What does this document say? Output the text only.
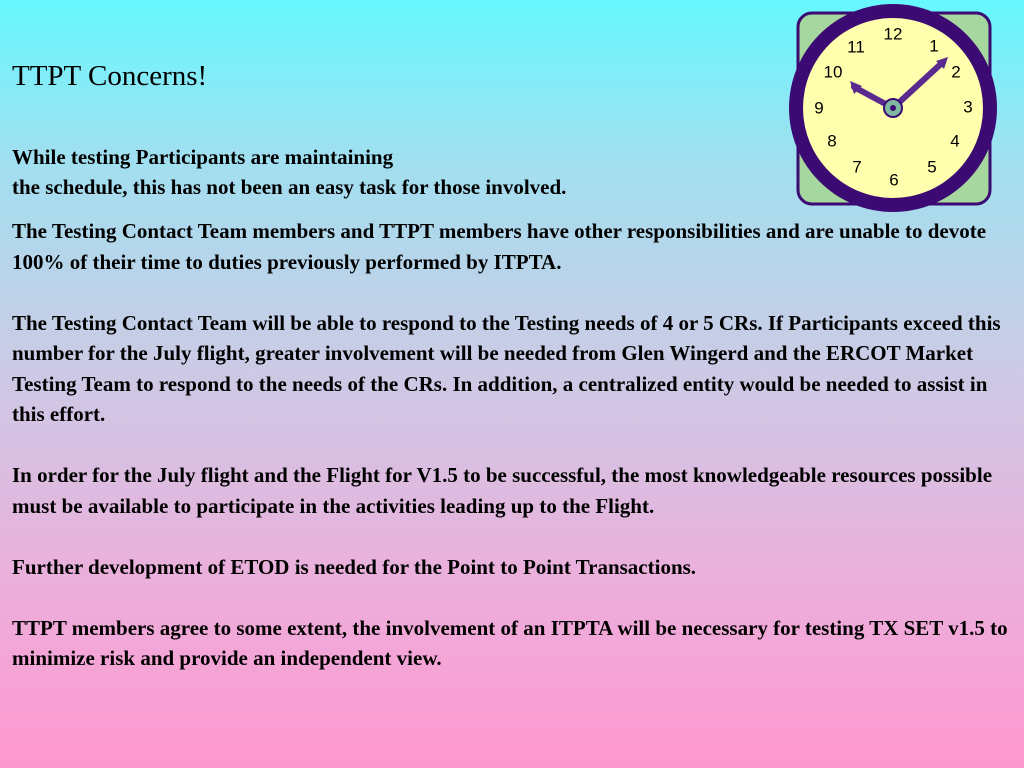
TTPT Concerns!
While testing Participants are maintaining
the schedule, this has not been an easy task for those involved.

The Testing Contact Team members and TTPT members have other responsibilities and are unable to devote 100% of their time to duties previously performed by ITPTA.

The Testing Contact Team will be able to respond to the Testing needs of 4 or 5 CRs. If Participants exceed this number for the July flight, greater involvement will be needed from Glen Wingerd and the ERCOT Market Testing Team to respond to the needs of the CRs. In addition, a centralized entity would be needed to assist in this effort.

In order for the July flight and the Flight for V1.5 to be successful, the most knowledgeable resources possible must be available to participate in the activities leading up to the Flight.

Further development of ETOD is needed for the Point to Point Transactions.

TTPT members agree to some extent, the involvement of an ITPTA will be necessary for testing TX SET v1.5 to minimize risk and provide an independent view.

12
1
2
3
4
5
6
7
8
9
10
11
